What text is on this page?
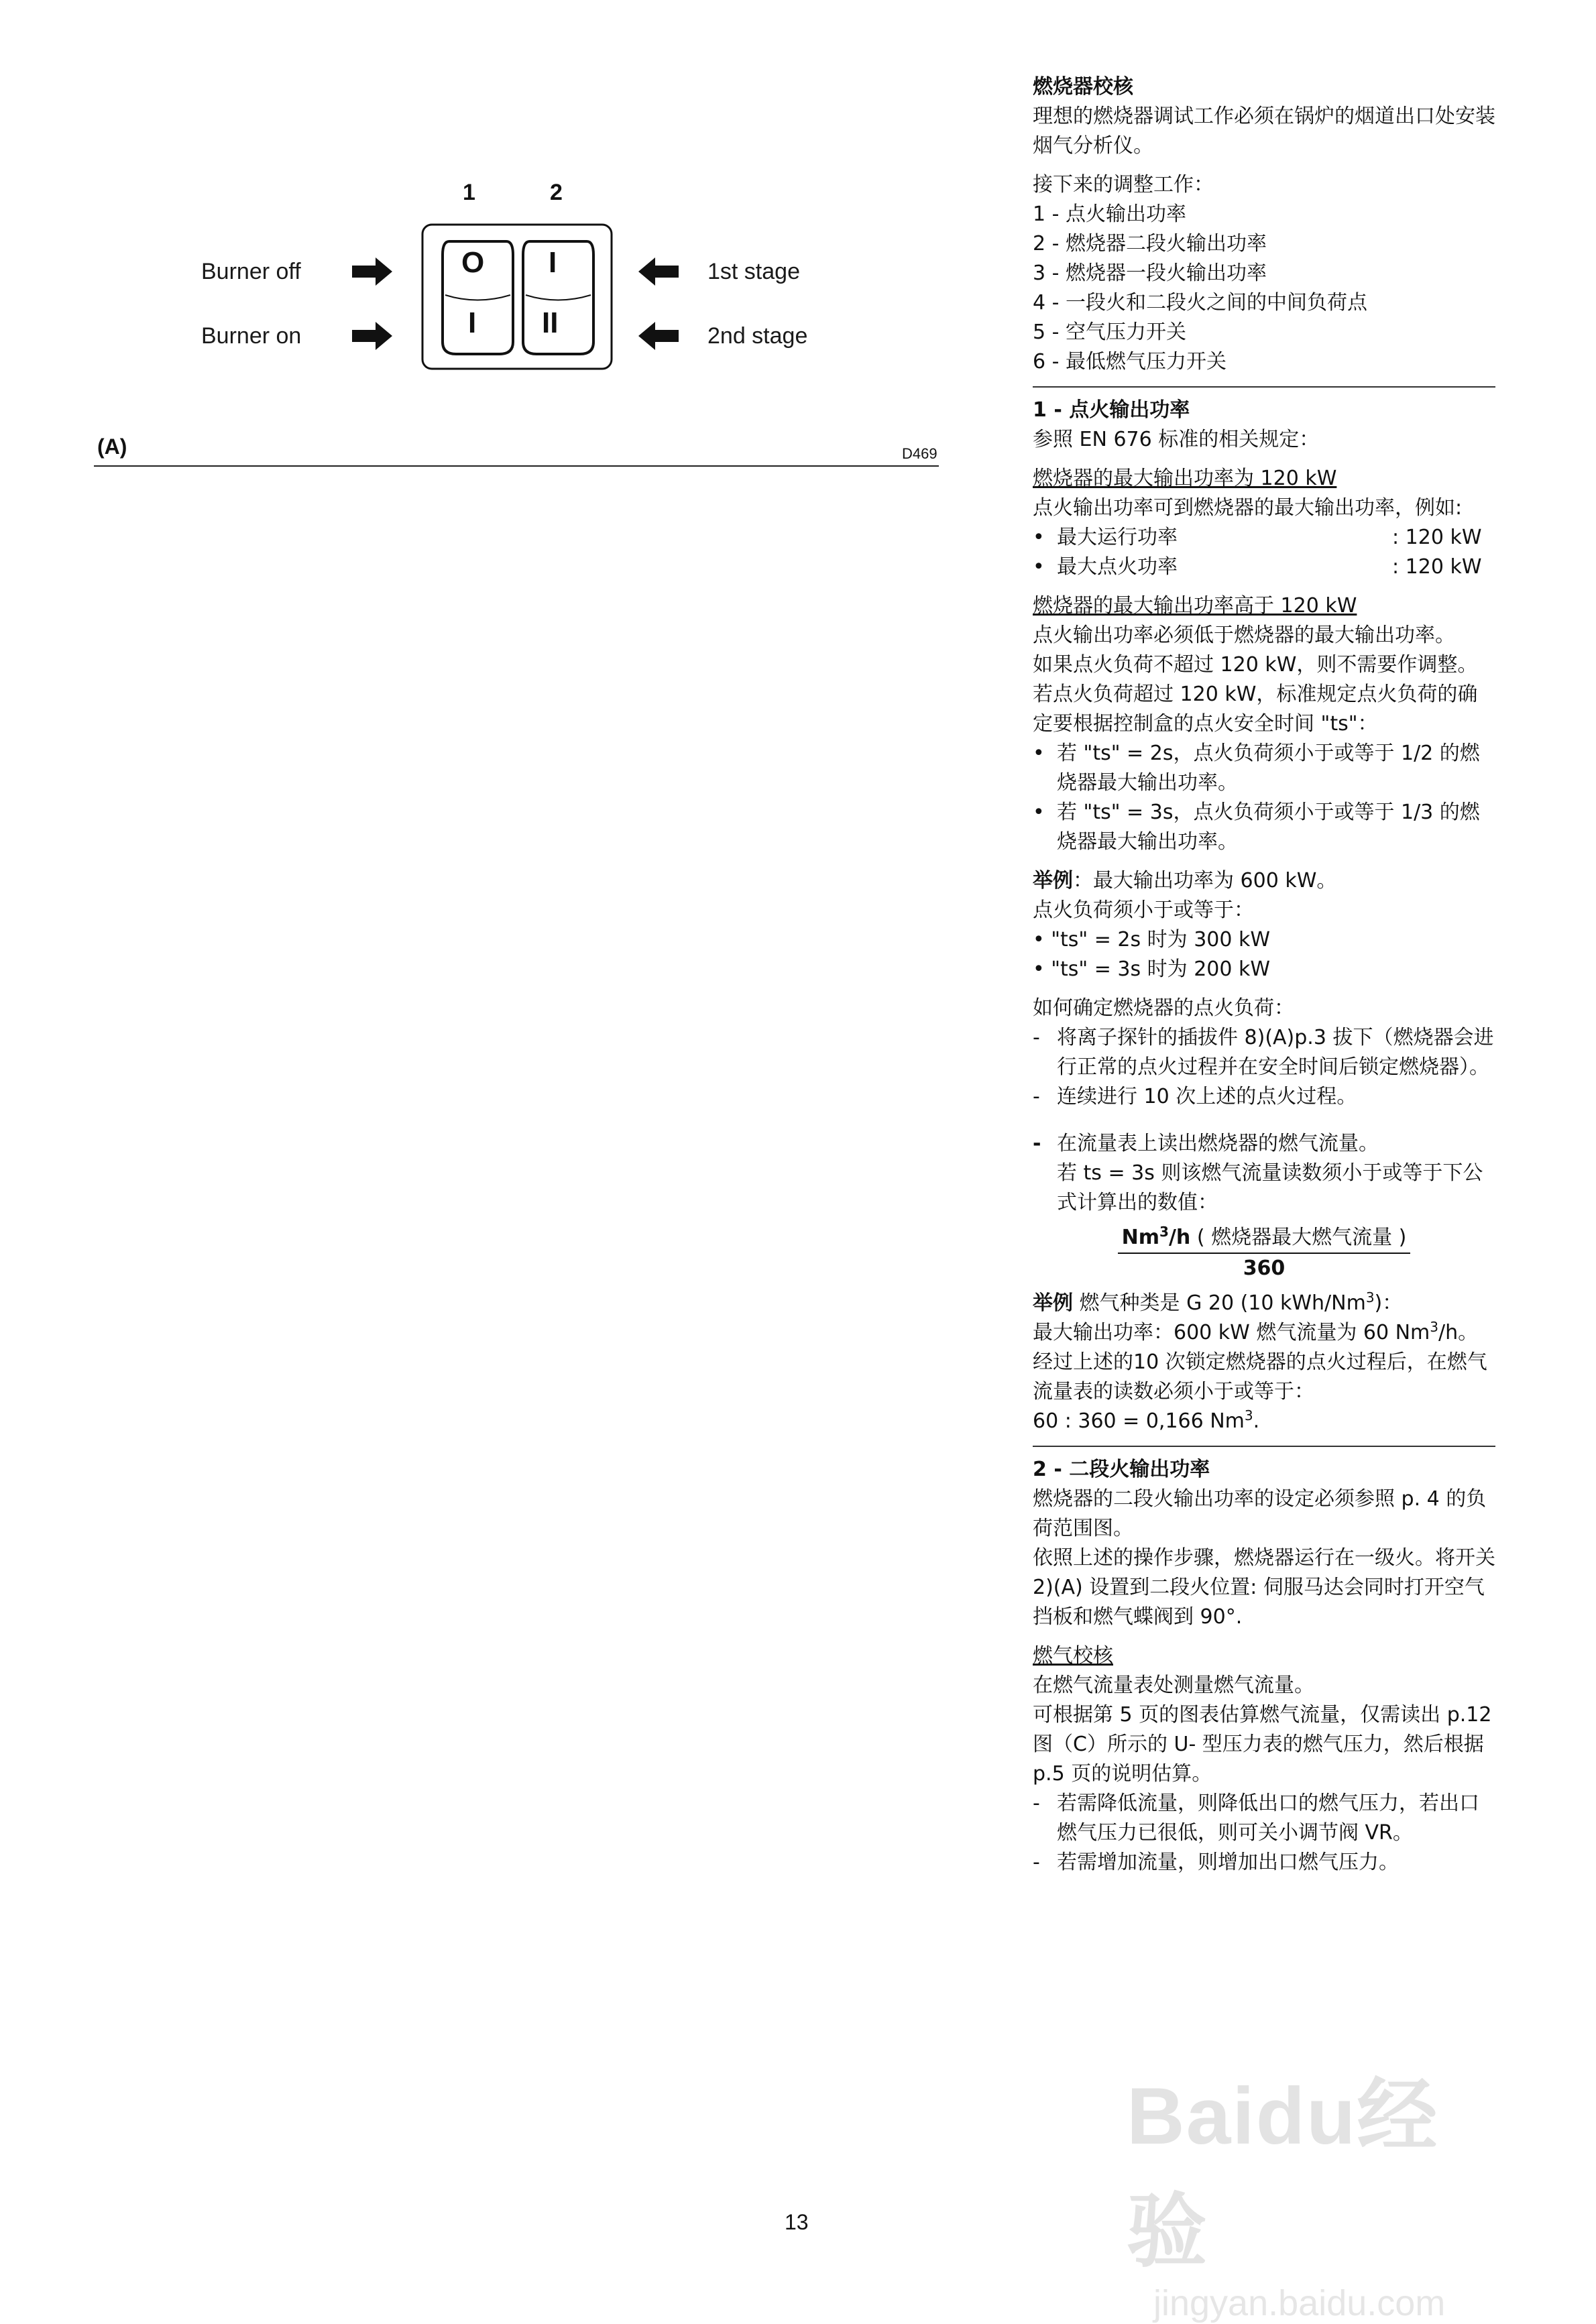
1	2
Burner off
Burner on
1st stage
2nd stage
O
I
I
II
(A)	D469

燃烧器校核

理想的燃烧器调试工作必须在锅炉的烟道出口处安装烟气分析仪。

接下来的调整工作：

1 - 点火输出功率

2 - 燃烧器二段火输出功率

3 - 燃烧器一段火输出功率

4 - 一段火和二段火之间的中间负荷点

5 - 空气压力开关

6 - 最低燃气压力开关

1 - 点火输出功率

参照 EN 676 标准的相关规定：

燃烧器的最大输出功率为 120 kW

点火输出功率可到燃烧器的最大输出功率，例如:

• 最大运行功率	: 120 kW
• 最大点火功率	: 120 kW

燃烧器的最大输出功率高于 120 kW

点火输出功率必须低于燃烧器的最大输出功率。

如果点火负荷不超过 120 kW，则不需要作调整。

若点火负荷超过 120 kW，标准规定点火负荷的确定要根据控制盒的点火安全时间 "ts"：

• 若 "ts" = 2s，点火负荷须小于或等于 1/2 的燃烧器最大输出功率。
• 若 "ts" = 3s，点火负荷须小于或等于 1/3 的燃烧器最大输出功率。

举例：最大输出功率为 600 kW。

点火负荷须小于或等于：

• "ts" = 2s 时为 300 kW

• "ts" = 3s 时为 200 kW

如何确定燃烧器的点火负荷：

- 将离子探针的插拔件 8)(A)p.3 拔下（燃烧器会进行正常的点火过程并在安全时间后锁定燃烧器）。
- 连续进行 10 次上述的点火过程。
- 在流量表上读出燃烧器的燃气流量。

若 ts = 3s 则该燃气流量读数须小于或等于下公式计算出的数值：

Nm$^3$/h ( 燃烧器最大燃气流量 )
360

举例 燃气种类是 G 20 (10 kWh/Nm$^3$)：

最大输出功率：600 kW 燃气流量为 60 Nm$^3$/h。

经过上述的10 次锁定燃烧器的点火过程后，在燃气流量表的读数必须小于或等于：

60 : 360 = 0,166 Nm$^3$.

2 - 二段火输出功率

燃烧器的二段火输出功率的设定必须参照 p. 4 的负荷范围图。

依照上述的操作步骤，燃烧器运行在一级火。将开关 2)(A) 设置到二段火位置: 伺服马达会同时打开空气挡板和燃气蝶阀到 90°.

燃气校核

在燃气流量表处测量燃气流量。

可根据第 5 页的图表估算燃气流量，仅需读出 p.12 图（C）所示的 U- 型压力表的燃气压力，然后根据 p.5 页的说明估算。

- 若需降低流量，则降低出口的燃气压力，若出口燃气压力已很低，则可关小调节阀 VR。
- 若需增加流量，则增加出口燃气压力。
Baidu经验
jingyan.baidu.com
13
